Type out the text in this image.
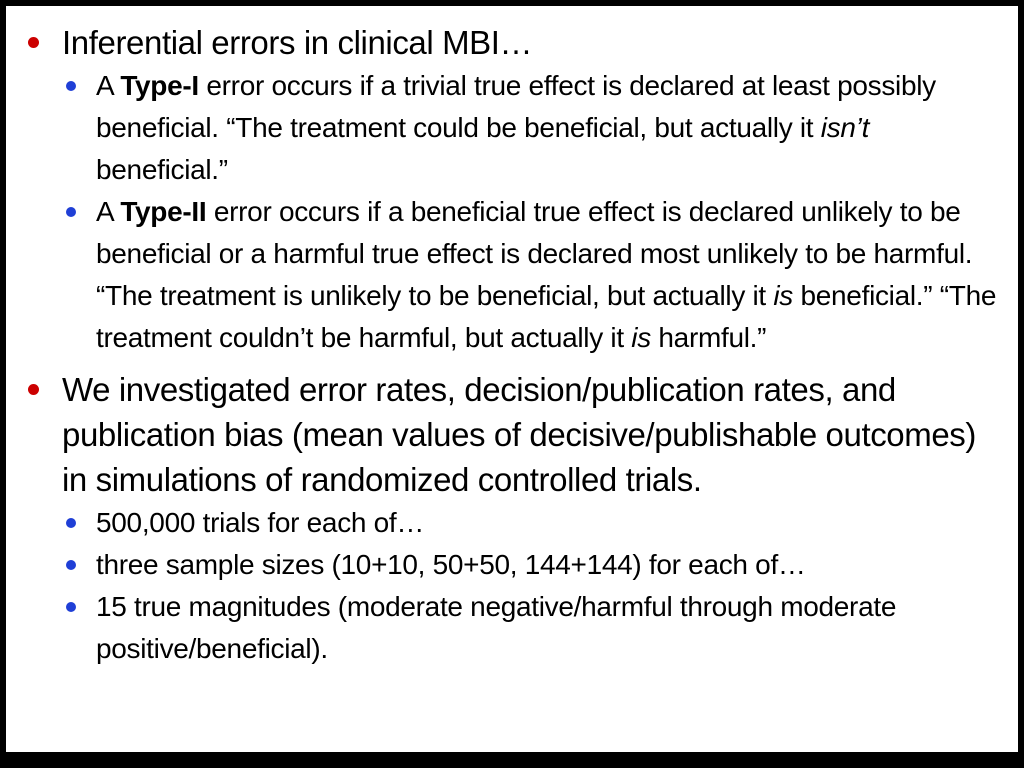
Inferential errors in clinical MBI…
A Type-I error occurs if a trivial true effect is declared at least possibly beneficial. “The treatment could be beneficial, but actually it isn’t beneficial.”
A Type-II error occurs if a beneficial true effect is declared unlikely to be beneficial or a harmful true effect is declared most unlikely to be harmful. “The treatment is unlikely to be beneficial, but actually it is beneficial.” “The treatment couldn’t be harmful, but actually it is harmful.”
We investigated error rates, decision/publication rates, and publication bias (mean values of decisive/publishable outcomes) in simulations of randomized controlled trials.
500,000 trials for each of…
three sample sizes (10+10, 50+50, 144+144) for each of…
15 true magnitudes (moderate negative/harmful through moderate positive/beneficial).
